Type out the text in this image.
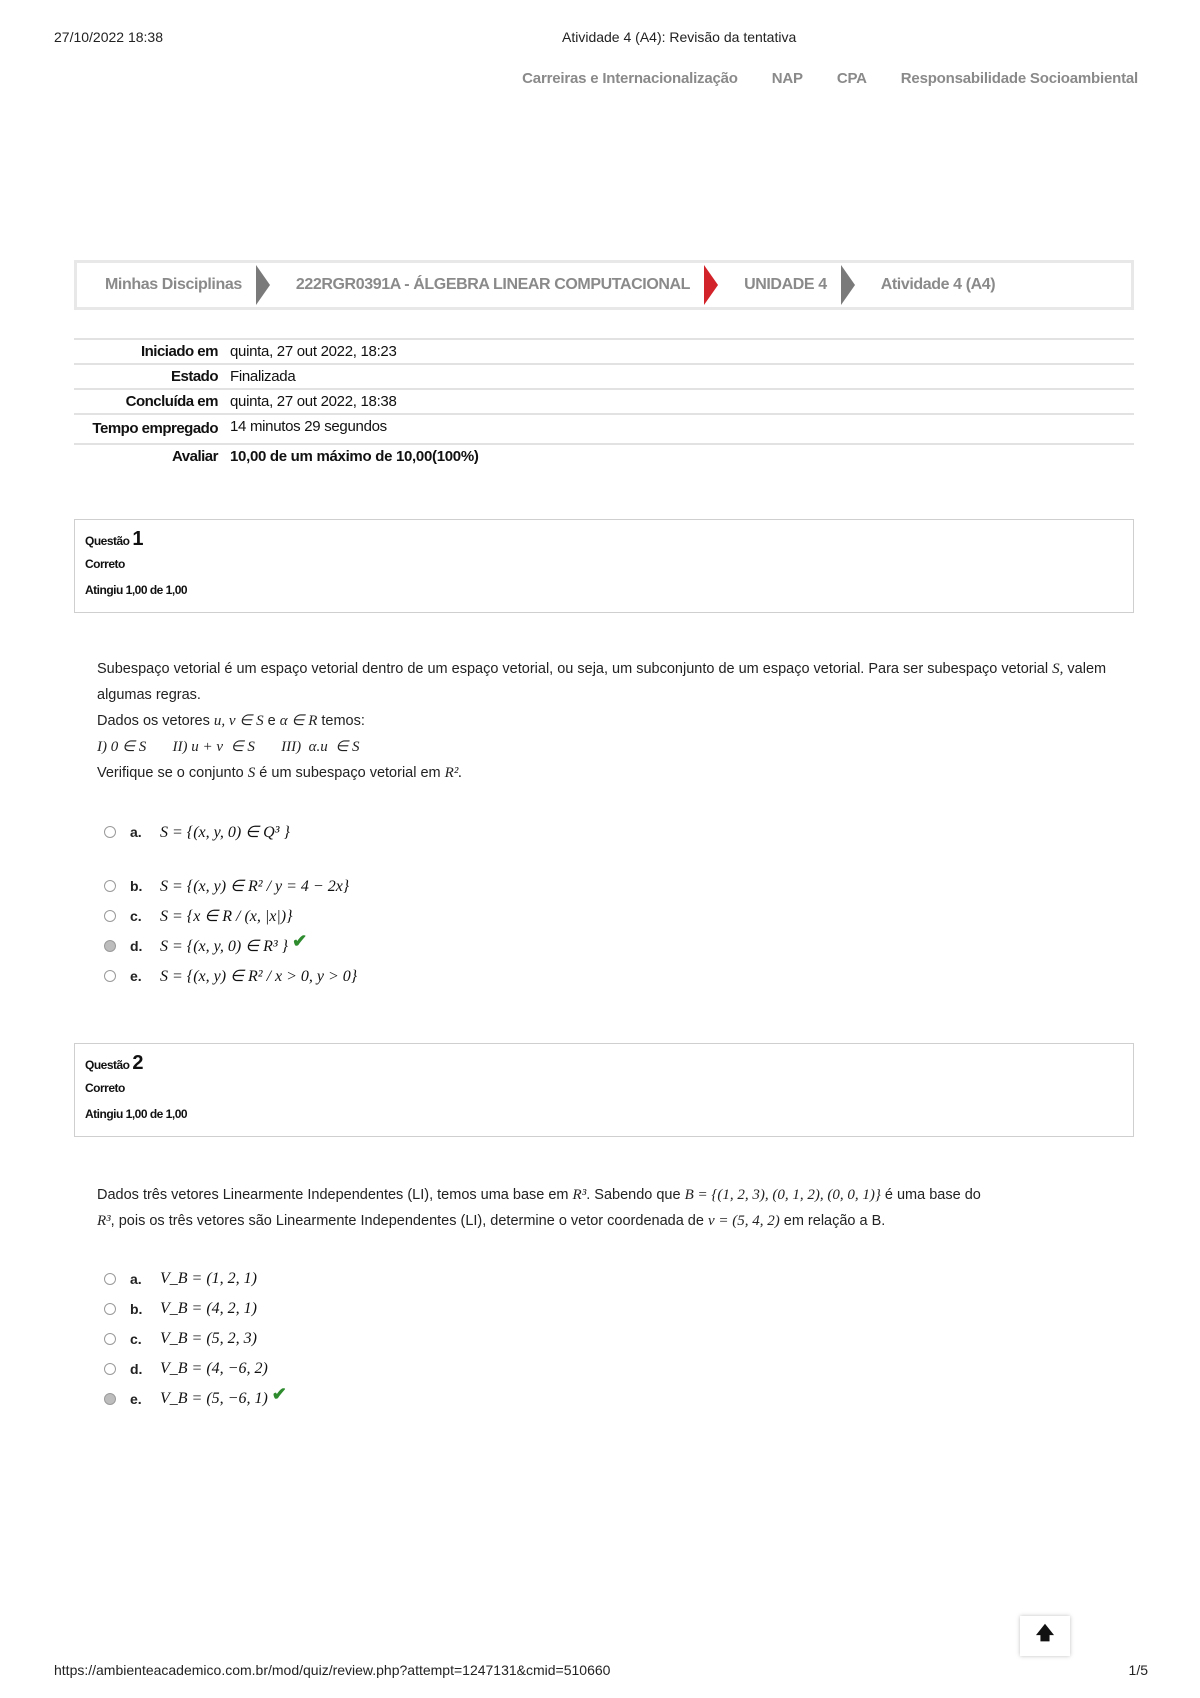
27/10/2022 18:38	Atividade 4 (A4): Revisão da tentativa
Carreiras e Internacionalização NAP CPA Responsabilidade Socioambiental
Minhas Disciplinas	222RGR0391A - ÁLGEBRA LINEAR COMPUTACIONAL	UNIDADE 4	Atividade 4 (A4)
Iniciado em quinta, 27 out 2022, 18:23
Estado Finalizada
Concluída em quinta, 27 out 2022, 18:38
Tempo empregado 14 minutos 29 segundos
Avaliar 10,00 de um máximo de 10,00(100%)
Questão 1
Correto
Atingiu 1,00 de 1,00
Subespaço vetorial é um espaço vetorial dentro de um espaço vetorial, ou seja, um subconjunto de um espaço vetorial. Para ser subespaço vetorial S, valem algumas regras.
Dados os vetores u, v ∈ S e α ∈ R temos:
I) 0 ∈ S       II) u + v  ∈ S       III)  α.u  ∈ S
Verifique se o conjunto S é um subespaço vetorial em R².
a.	S = {(x, y, 0) ∈ Q³ }
b.	S = {(x, y) ∈ R² / y = 4 − 2x}
c.	S = {x ∈ R / (x, |x|)}
d.	S = {(x, y, 0) ∈ R³ } ✔
e.	S = {(x, y) ∈ R² / x > 0, y > 0}
Questão 2
Correto
Atingiu 1,00 de 1,00
Dados três vetores Linearmente Independentes (LI), temos uma base em R³. Sabendo que B = {(1, 2, 3), (0, 1, 2), (0, 0, 1)} é uma base do
R³, pois os três vetores são Linearmente Independentes (LI), determine o vetor coordenada de v = (5, 4, 2) em relação a B.
a.	V_B = (1, 2, 1)
b.	V_B = (4, 2, 1)
c.	V_B = (5, 2, 3)
d.	V_B = (4, −6, 2)
e.	V_B = (5, −6, 1) ✔
🡅
https://ambienteacademico.com.br/mod/quiz/review.php?attempt=1247131&cmid=510660	1/5
